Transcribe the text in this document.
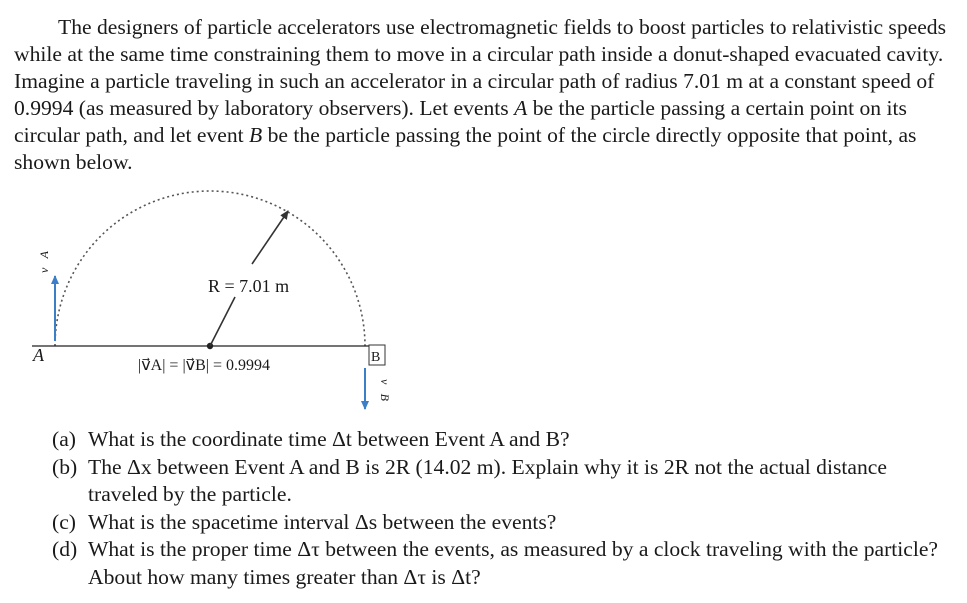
The designers of particle accelerators use electromagnetic fields to boost particles to relativistic speeds while at the same time constraining them to move in a circular path inside a donut-shaped evacuated cavity. Imagine a particle traveling in such an accelerator in a circular path of radius 7.01 m at a constant speed of 0.9994 (as measured by laboratory observers). Let events A be the particle passing a certain point on its circular path, and let event B be the particle passing the point of the circle directly opposite that point, as shown below.

R = 7.01 m
A
v⃗A
|v⃗A| = |v⃗B| = 0.9994	B
v⃗B
(a) What is the coordinate time Δt between Event A and B?
(b) The Δx between Event A and B is 2R (14.02 m). Explain why it is 2R not the actual distance traveled by the particle.
(c) What is the spacetime interval Δs between the events?
(d) What is the proper time Δτ between the events, as measured by a clock traveling with the particle? About how many times greater than Δτ is Δt?
